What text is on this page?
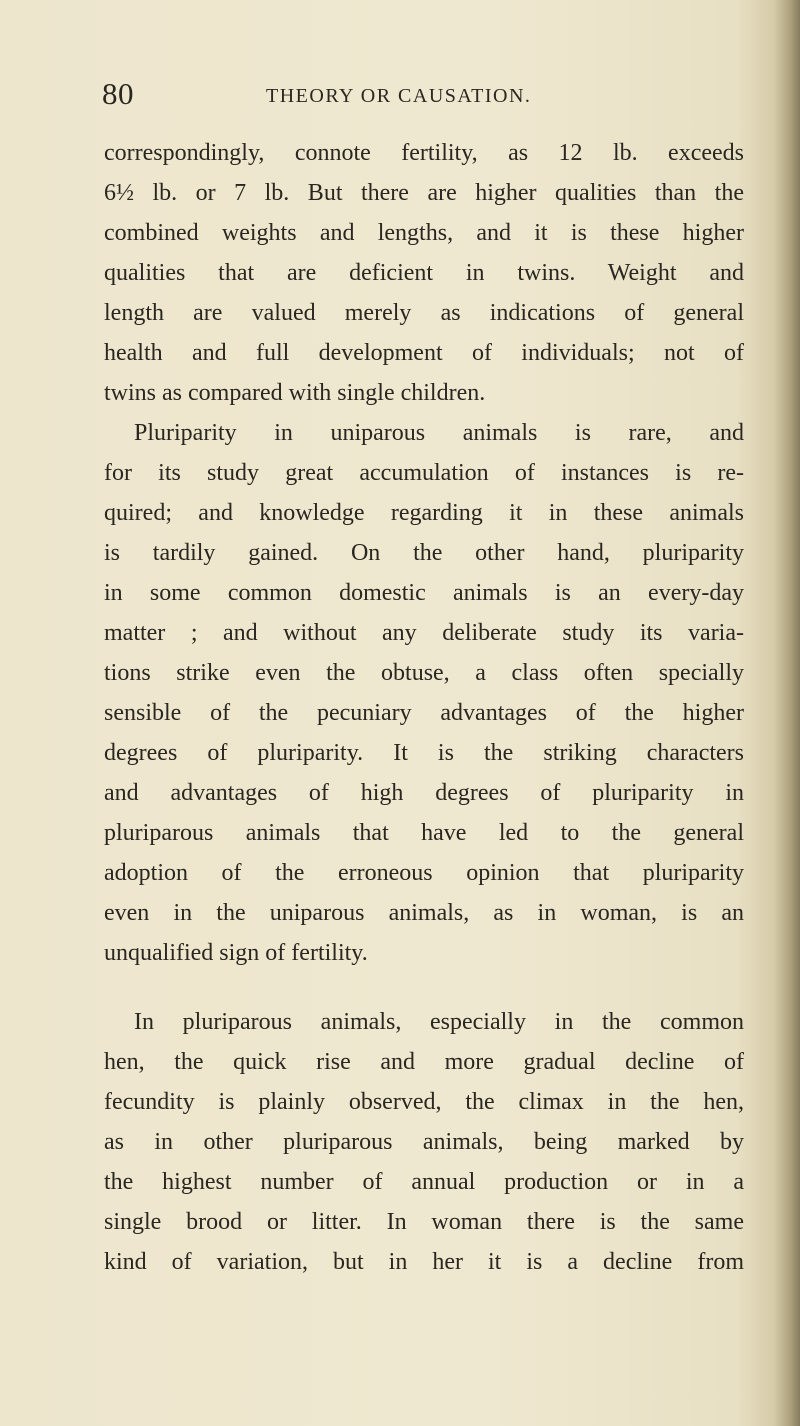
80	THEORY OR CAUSATION.
correspondingly, connote fertility, as 12 lb. exceeds
6½ lb. or 7 lb. But there are higher qualities than the
combined weights and lengths, and it is these higher
qualities that are deficient in twins. Weight and
length are valued merely as indications of general
health and full development of individuals; not of
twins as compared with single children.
Pluriparity in uniparous animals is rare, and
for its study great accumulation of instances is re-
quired; and knowledge regarding it in these animals
is tardily gained. On the other hand, pluriparity
in some common domestic animals is an every-day
matter ; and without any deliberate study its varia-
tions strike even the obtuse, a class often specially
sensible of the pecuniary advantages of the higher
degrees of pluriparity. It is the striking characters
and advantages of high degrees of pluriparity in
pluriparous animals that have led to the general
adoption of the erroneous opinion that pluriparity
even in the uniparous animals, as in woman, is an
unqualified sign of fertility.
In pluriparous animals, especially in the common
hen, the quick rise and more gradual decline of
fecundity is plainly observed, the climax in the hen,
as in other pluriparous animals, being marked by
the highest number of annual production or in a
single brood or litter. In woman there is the same
kind of variation, but in her it is a decline from
